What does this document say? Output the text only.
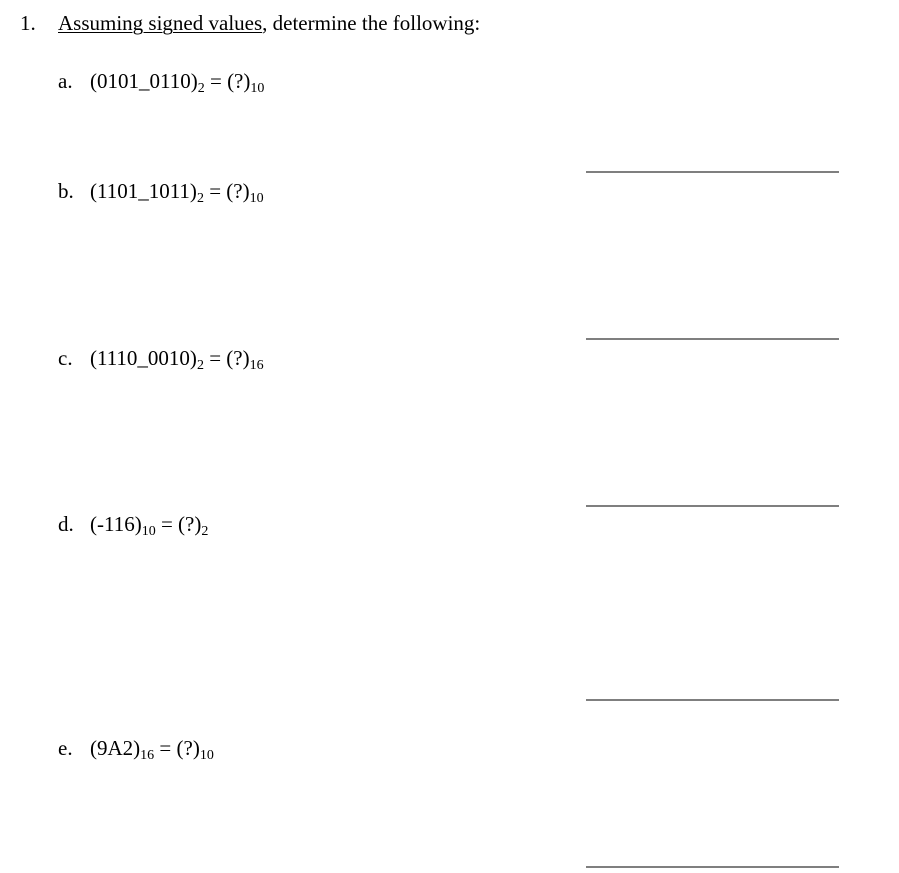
1. Assuming signed values, determine the following:
a. $(0101\_0110)_2$ = $(?)_{10}$
b. $(1101\_1011)_2$ = $(?)_{10}$
c. $(1110\_0010)_2$ = $(?)_{16}$
d. $(-116)_{10}$ = $(?)_2$
e. $(9A2)_{16}$ = $(?)_{10}$
